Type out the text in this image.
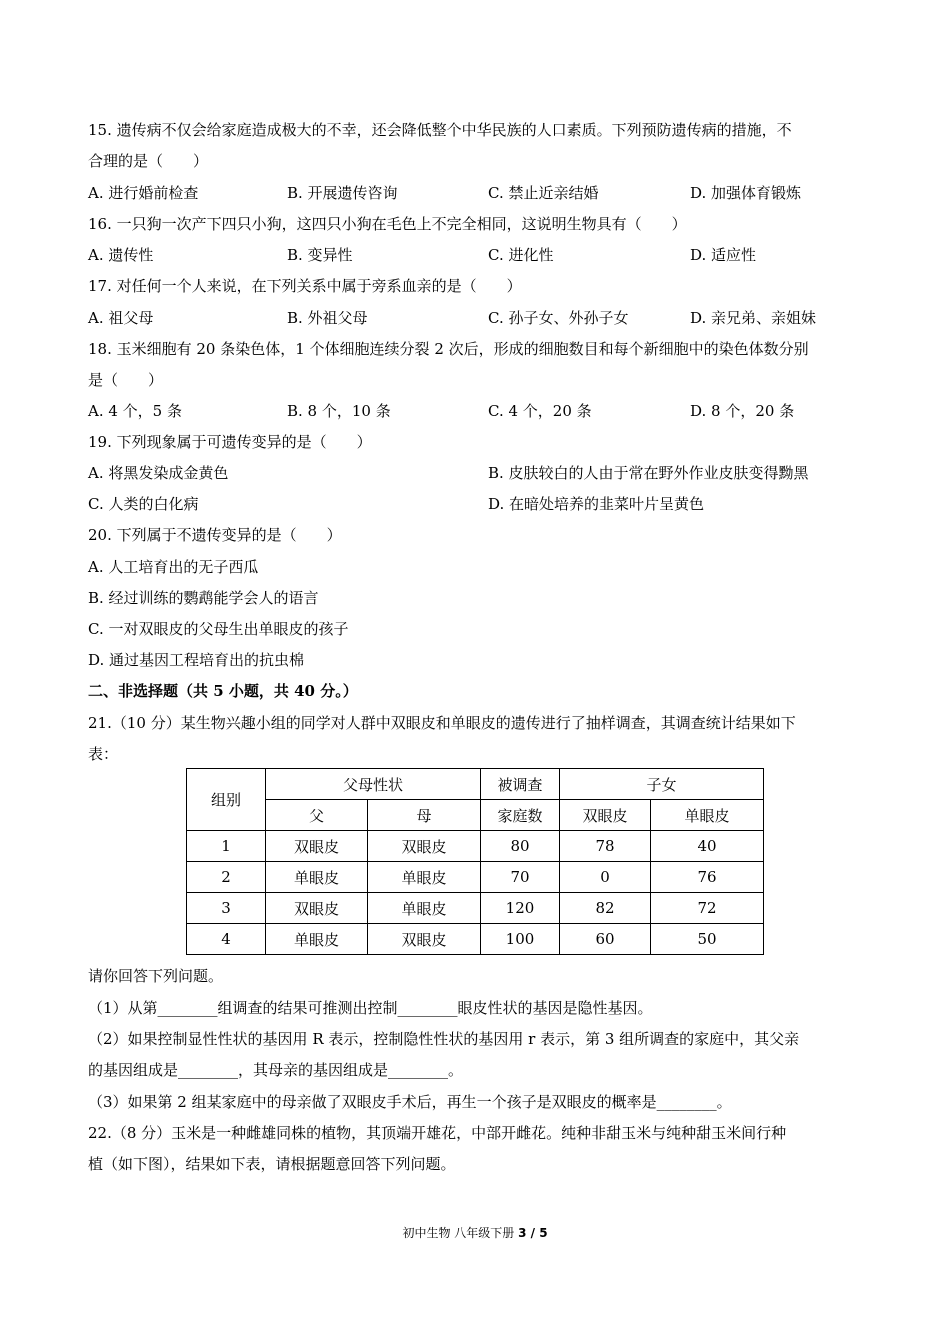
15. 遗传病不仅会给家庭造成极大的不幸，还会降低整个中华民族的人口素质。下列预防遗传病的措施，不
合理的是（　　）
A. 进行婚前检查	B. 开展遗传咨询	C. 禁止近亲结婚	D. 加强体育锻炼
16. 一只狗一次产下四只小狗，这四只小狗在毛色上不完全相同，这说明生物具有（　　）
A. 遗传性	B. 变异性	C. 进化性	D. 适应性
17. 对任何一个人来说，在下列关系中属于旁系血亲的是（　　）
A. 祖父母	B. 外祖父母	C. 孙子女、外孙子女	D. 亲兄弟、亲姐妹
18. 玉米细胞有 20 条染色体，1 个体细胞连续分裂 2 次后，形成的细胞数目和每个新细胞中的染色体数分别
是（　　）
A. 4 个，5 条	B. 8 个，10 条	C. 4 个，20 条	D. 8 个，20 条
19. 下列现象属于可遗传变异的是（　　）
A. 将黑发染成金黄色	B. 皮肤较白的人由于常在野外作业皮肤变得黝黑
C. 人类的白化病	D. 在暗处培养的韭菜叶片呈黄色
20. 下列属于不遗传变异的是（　　）
A. 人工培育出的无子西瓜
B. 经过训练的鹦鹉能学会人的语言
C. 一对双眼皮的父母生出单眼皮的孩子
D. 通过基因工程培育出的抗虫棉
二、非选择题（共 5 小题，共 40 分。）
21.（10 分）某生物兴趣小组的同学对人群中双眼皮和单眼皮的遗传进行了抽样调查，其调查统计结果如下
表：
组别	父母性状		被调查	子女	
	父	母	家庭数	双眼皮	单眼皮
1	双眼皮	双眼皮	80	78	40
2	单眼皮	单眼皮	70	0	76
3	双眼皮	单眼皮	120	82	72
4	单眼皮	双眼皮	100	60	50
请你回答下列问题。
（1）从第________组调查的结果可推测出控制________眼皮性状的基因是隐性基因。
（2）如果控制显性性状的基因用 R 表示，控制隐性性状的基因用 r 表示，第 3 组所调查的家庭中，其父亲
的基因组成是________，其母亲的基因组成是________。
（3）如果第 2 组某家庭中的母亲做了双眼皮手术后，再生一个孩子是双眼皮的概率是________。
22.（8 分）玉米是一种雌雄同株的植物，其顶端开雄花，中部开雌花。纯种非甜玉米与纯种甜玉米间行种
植（如下图），结果如下表，请根据题意回答下列问题。
初中生物 八年级下册 3 / 5
